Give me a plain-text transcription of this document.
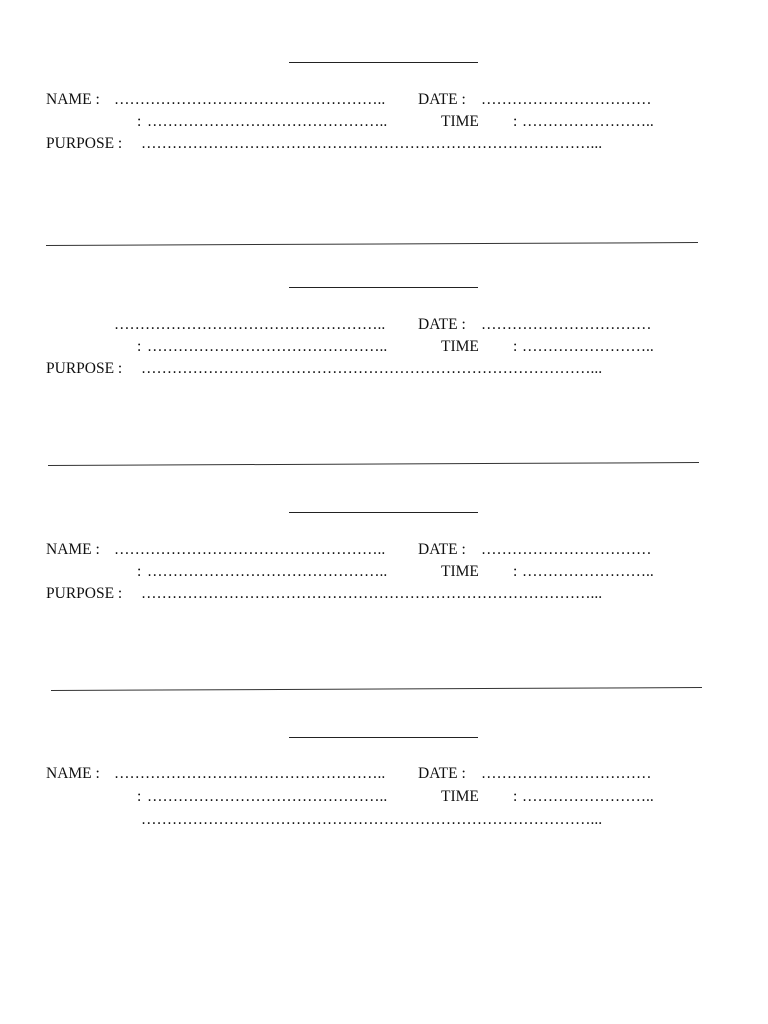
NAME : …………………………………………….. DATE : ……………………………
: ………………………………………..	TIME : ……………………..
PURPOSE : ……………………………………………………………………………...
…………………………………………….. DATE : ……………………………
: ………………………………………..	TIME : ……………………..
PURPOSE : ……………………………………………………………………………...
NAME : …………………………………………….. DATE : ……………………………
: ………………………………………..	TIME : ……………………..
PURPOSE : ……………………………………………………………………………...
NAME : …………………………………………….. DATE : ……………………………
: ………………………………………..	TIME : ……………………..
……………………………………………………………………………...
